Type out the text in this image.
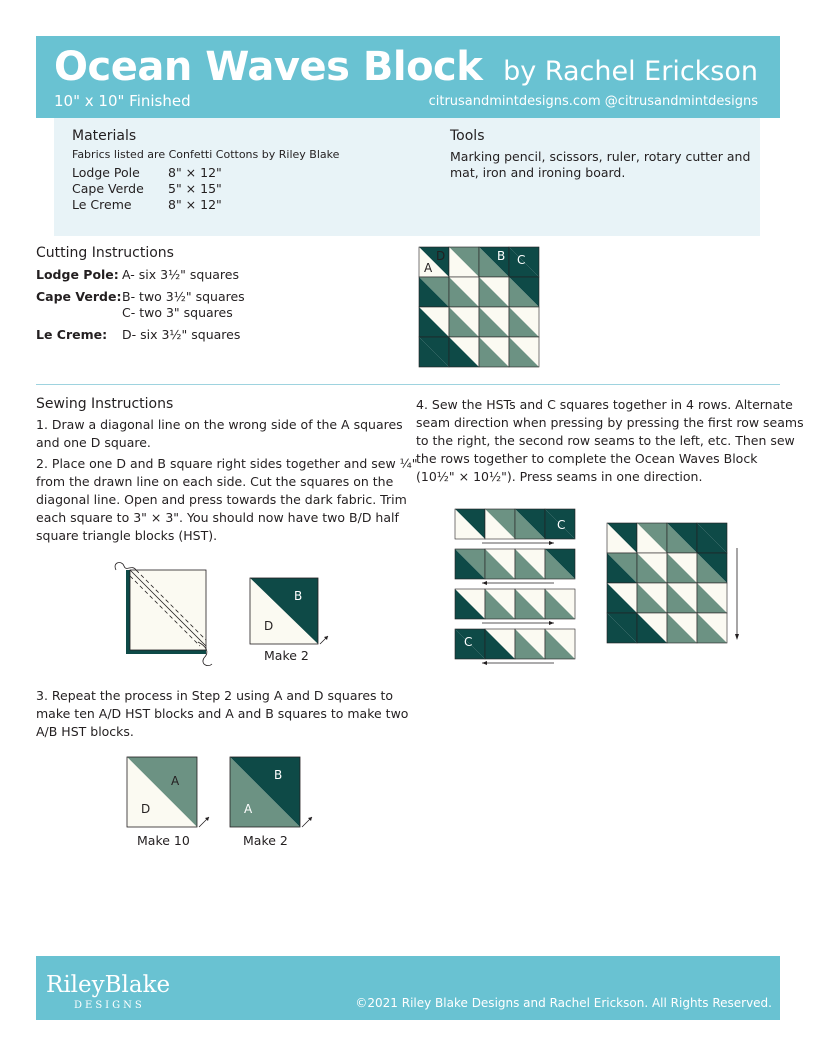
Ocean Waves Block
10" x 10" Finished
by Rachel Erickson
citrusandmintdesigns.com @citrusandmintdesigns
Materials
Fabrics listed are Confetti Cottons by Riley Blake
Lodge Pole 8" × 12"
Cape Verde 5" × 15"
Le Creme	8" × 12"
Tools
Marking pencil, scissors, ruler, rotary cutter and
mat, iron and ironing board.
Cutting Instructions
Lodge Pole: A- six 3½" squares
Cape Verde: B- two 3½" squares
C- two 3" squares
Le Creme: D- six 3½" squares
A
D	B C
Sewing Instructions
1. Draw a diagonal line on the wrong side of the A squares
and one D square.
2. Place one D and B square right sides together and sew ¼"
from the drawn line on each side. Cut the squares on the
diagonal line. Open and press towards the dark fabric. Trim
each square to 3" × 3". You should now have two B/D half
square triangle blocks (HST).
B
D
Make 2
3. Repeat the process in Step 2 using A and D squares to
make ten A/D HST blocks and A and B squares to make two
A/B HST blocks.
A
D
Make 10
B
A
Make 2
4. Sew the HSTs and C squares together in 4 rows. Alternate
seam direction when pressing by pressing the first row seams
to the right, the second row seams to the left, etc. Then sew
the rows together to complete the Ocean Waves Block
(10½" × 10½"). Press seams in one direction.
C
C
RileyBlake
DESIGNS	©2021 Riley Blake Designs and Rachel Erickson. All Rights Reserved.
